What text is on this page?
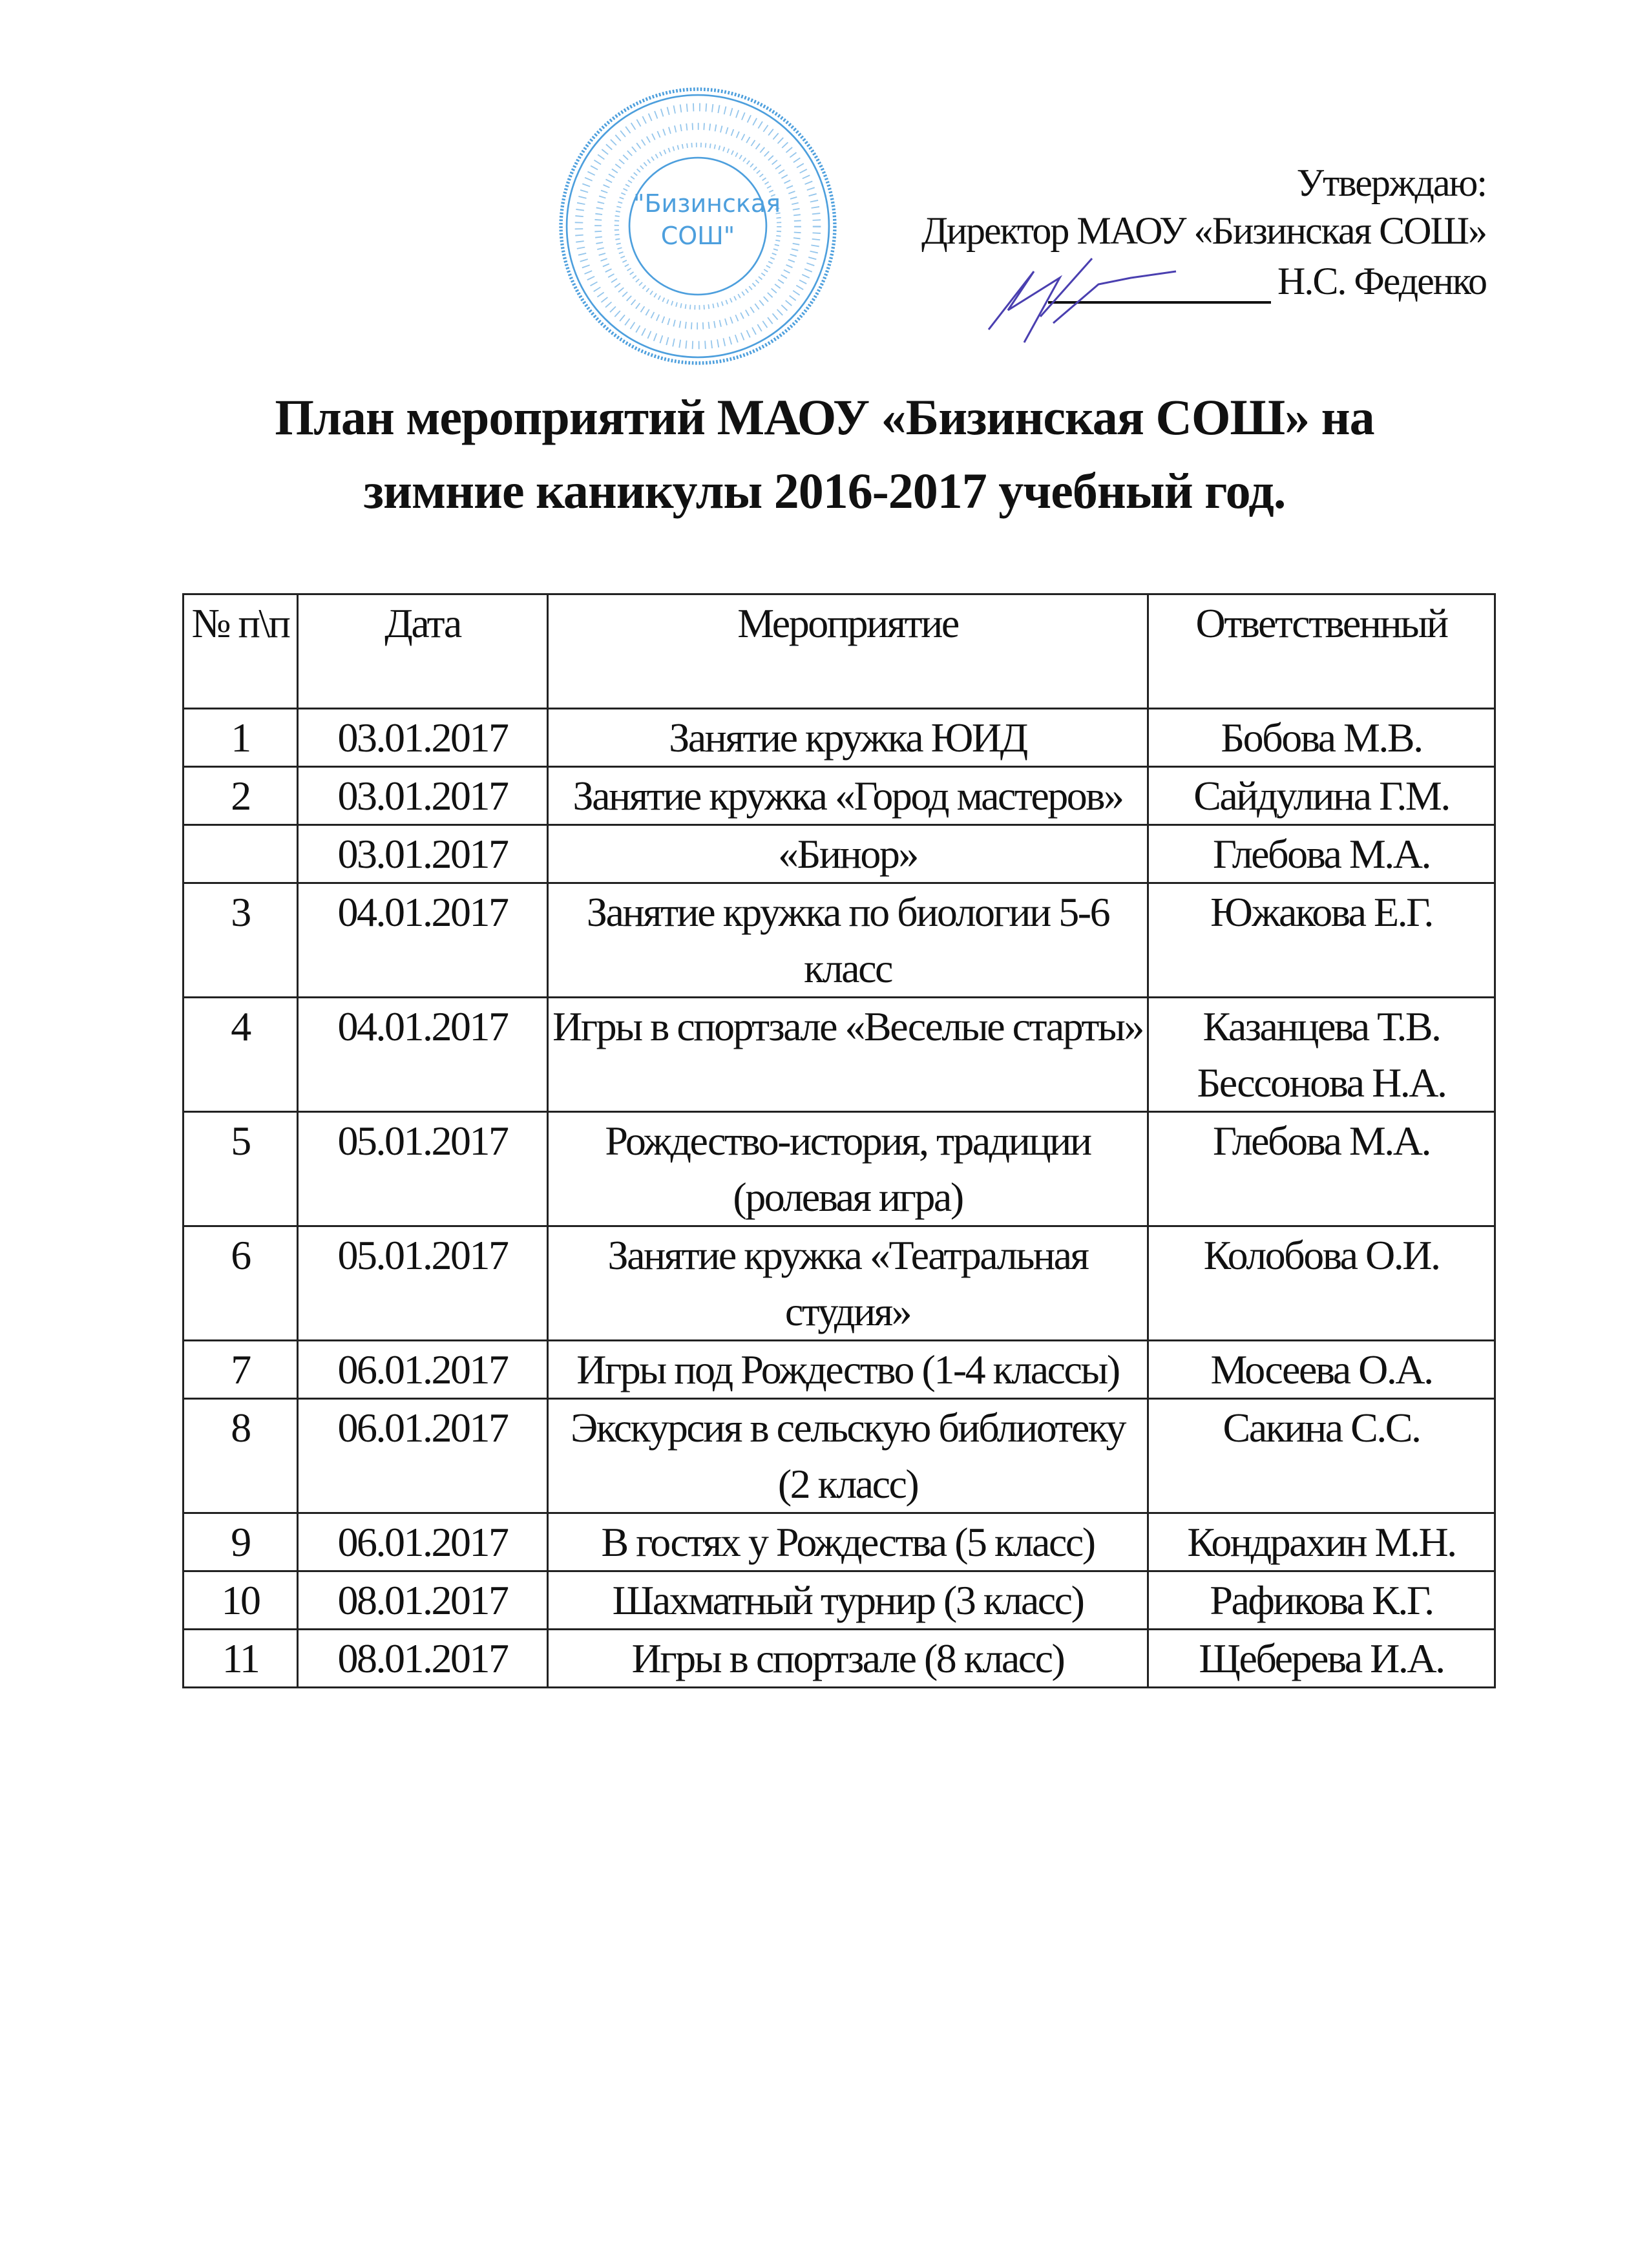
"Бизинская СОШ"
Утверждаю:
Директор МАОУ «Бизинская СОШ»
Н.С. Феденко
План мероприятий МАОУ «Бизинская СОШ» на
зимние каникулы 2016-2017 учебный год.
№ п\п	Дата	Мероприятие	Ответственный
1	03.01.2017	Занятие кружка ЮИД	Бобова М.В.
2	03.01.2017	Занятие кружка «Город мастеров»	Сайдулина Г.М.
	03.01.2017	«Бинор»	Глебова М.А.
3	04.01.2017	Занятие кружка по биологии 5-6 класс	Южакова Е.Г.
4	04.01.2017	Игры в спортзале «Веселые старты»	Казанцева Т.В. Бессонова Н.А.
5	05.01.2017	Рождество-история, традиции (ролевая игра)	Глебова М.А.
6	05.01.2017	Занятие кружка «Театральная студия»	Колобова О.И.
7	06.01.2017	Игры под Рождество (1-4 классы)	Мосеева О.А.
8	06.01.2017	Экскурсия в сельскую библиотеку (2 класс)	Сакина С.С.
9	06.01.2017	В гостях у Рождества (5 класс)	Кондрахин М.Н.
10	08.01.2017	Шахматный турнир (3 класс)	Рафикова К.Г.
11	08.01.2017	Игры в спортзале (8 класс)	Щеберева И.А.
